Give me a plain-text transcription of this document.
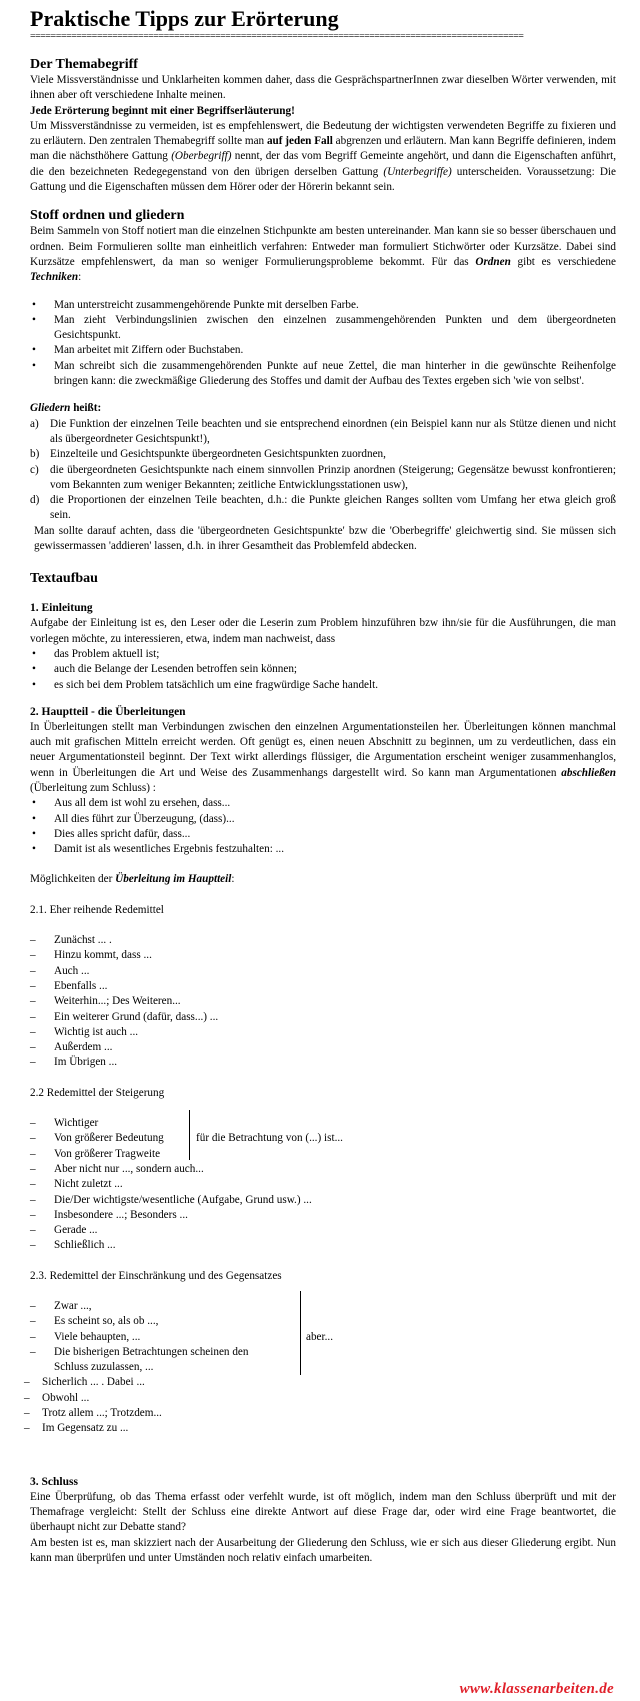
Praktische Tipps zur Erörterung
================================================================================================
Der Themabegriff

Viele Missverständnisse und Unklarheiten kommen daher, dass die GesprächspartnerInnen zwar dieselben Wörter verwenden, mit ihnen aber oft verschiedene Inhalte meinen.

Jede Erörterung beginnt mit einer Begriffserläuterung!

Um Missverständnisse zu vermeiden, ist es empfehlenswert, die Bedeutung der wichtigsten verwendeten Begriffe zu fixieren und zu erläutern. Den zentralen Themabegriff sollte man auf jeden Fall abgrenzen und erläutern. Man kann Begriffe definieren, indem man die nächsthöhere Gattung (Oberbegriff) nennt, der das vom Begriff Gemeinte angehört, und dann die Eigenschaften anführt, die den bezeichneten Redegegenstand von den übrigen derselben Gattung (Unterbegriffe) unterscheiden. Voraussetzung: Die Gattung und die Eigenschaften müssen dem Hörer oder der Hörerin bekannt sein.

Stoff ordnen und gliedern

Beim Sammeln von Stoff notiert man die einzelnen Stichpunkte am besten untereinander. Man kann sie so besser überschauen und ordnen. Beim Formulieren sollte man einheitlich verfahren: Entweder man formuliert Stichwörter oder Kurzsätze. Dabei sind Kurzsätze empfehlenswert, da man so weniger Formulierungsprobleme bekommt. Für das Ordnen gibt es verschiedene Techniken:

• Man unterstreicht zusammengehörende Punkte mit derselben Farbe.
• Man zieht Verbindungslinien zwischen den einzelnen zusammengehörenden Punkten und dem übergeordneten Gesichtspunkt.
• Man arbeitet mit Ziffern oder Buchstaben.
• Man schreibt sich die zusammengehörenden Punkte auf neue Zettel, die man hinterher in die gewünschte Reihenfolge bringen kann: die zweckmäßige Gliederung des Stoffes und damit der Aufbau des Textes ergeben sich 'wie von selbst'.

Gliedern heißt:

a) Die Funktion der einzelnen Teile beachten und sie entsprechend einordnen (ein Beispiel kann nur als Stütze dienen und nicht als übergeordneter Gesichtspunkt!),
b) Einzelteile und Gesichtspunkte übergeordneten Gesichtspunkten zuordnen,
c) die übergeordneten Gesichtspunkte nach einem sinnvollen Prinzip anordnen (Steigerung; Gegensätze bewusst konfrontieren; vom Bekannten zum weniger Bekannten; zeitliche Entwicklungsstationen usw),
d) die Proportionen der einzelnen Teile beachten, d.h.: die Punkte gleichen Ranges sollten vom Umfang her etwa gleich groß sein.

Man sollte darauf achten, dass die 'übergeordneten Gesichtspunkte' bzw die 'Oberbegriffe' gleichwertig sind. Sie müssen sich gewissermassen 'addieren' lassen, d.h. in ihrer Gesamtheit das Problemfeld abdecken.

Textaufbau
1. Einleitung

Aufgabe der Einleitung ist es, den Leser oder die Leserin zum Problem hinzuführen bzw ihn/sie für die Ausführungen, die man vorlegen möchte, zu interessieren, etwa, indem man nachweist, dass

• das Problem aktuell ist;
• auch die Belange der Lesenden betroffen sein können;
• es sich bei dem Problem tatsächlich um eine fragwürdige Sache handelt.
2. Hauptteil - die Überleitungen

In Überleitungen stellt man Verbindungen zwischen den einzelnen Argumentationsteilen her. Überleitungen können manchmal auch mit grafischen Mitteln erreicht werden. Oft genügt es, einen neuen Abschnitt zu beginnen, um zu verdeutlichen, dass ein neuer Argumentationsteil beginnt. Der Text wirkt allerdings flüssiger, die Argumentation erscheint weniger zusammenhanglos, wenn in Überleitungen die Art und Weise des Zusammenhangs dargestellt wird. So kann man Argumentationen abschließen (Überleitung zum Schluss) :

• Aus all dem ist wohl zu ersehen, dass...
• All dies führt zur Überzeugung, (dass)...
• Dies alles spricht dafür, dass...
• Damit ist als wesentliches Ergebnis festzuhalten: ...

Möglichkeiten der Überleitung im Hauptteil:

2.1. Eher reihende Redemittel

– Zunächst ... .
– Hinzu kommt, dass ...
– Auch ...
– Ebenfalls ...
– Weiterhin...; Des Weiteren...
– Ein weiterer Grund (dafür, dass...) ...
– Wichtig ist auch ...
– Außerdem ...
– Im Übrigen ...

2.2 Redemittel der Steigerung

– Wichtiger
– Von größerer Bedeutung
– Von größerer Tragweite
für die Betrachtung von (...) ist...
– Aber nicht nur ..., sondern auch...
– Nicht zuletzt ...
– Die/Der wichtigste/wesentliche (Aufgabe, Grund usw.) ...
– Insbesondere ...; Besonders ...
– Gerade ...
– Schließlich ...

2.3. Redemittel der Einschränkung und des Gegensatzes

– Zwar ...,
– Es scheint so, als ob ...,
– Viele behaupten, ...
– Die bisherigen Betrachtungen scheinen den Schluss zuzulassen, ...
aber...
– Sicherlich ... . Dabei ...
– Obwohl ...
– Trotz allem ...; Trotzdem...
– Im Gegensatz zu ...
3. Schluss

Eine Überprüfung, ob das Thema erfasst oder verfehlt wurde, ist oft möglich, indem man den Schluss überprüft und mit der Themafrage vergleicht: Stellt der Schluss eine direkte Antwort auf diese Frage dar, oder wird eine Frage beantwortet, die überhaupt nicht zur Debatte stand?

Am besten ist es, man skizziert nach der Ausarbeitung der Gliederung den Schluss, wie er sich aus dieser Gliederung ergibt. Nun kann man überprüfen und unter Umständen noch relativ einfach umarbeiten.

www.klassenarbeiten.de
